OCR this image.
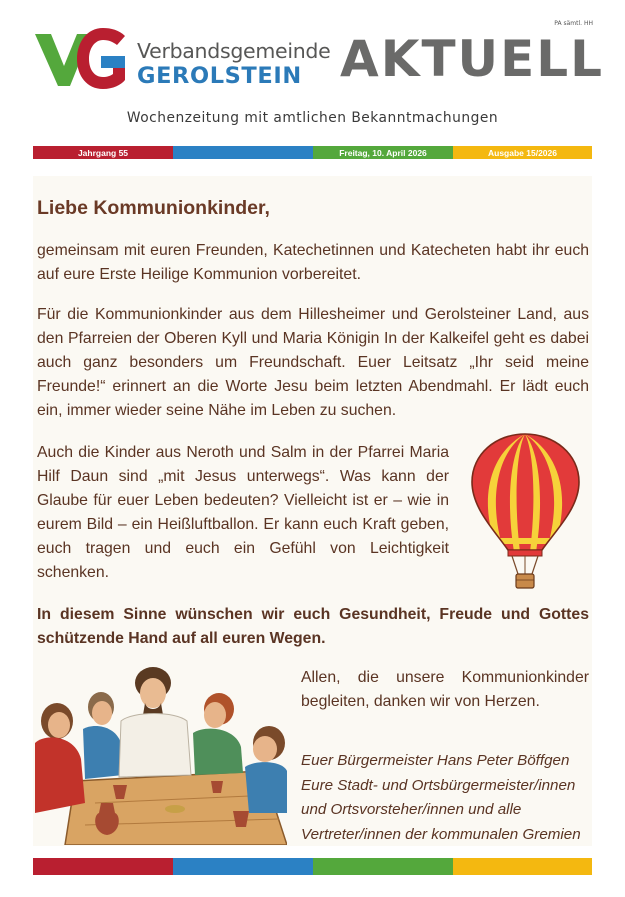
PA sämtl. HH
Verbandsgemeinde
GEROLSTEIN AKTUELL
Wochenzeitung mit amtlichen Bekanntmachungen
Jahrgang 55	Freitag, 10. April 2026	Ausgabe 15/2026
Liebe Kommunionkinder,
gemeinsam mit euren Freunden, Katechetinnen und Katecheten habt ihr euch auf eure Erste Heilige Kommunion vorbereitet.
Für die Kommunionkinder aus dem Hillesheimer und Gerolsteiner Land, aus den Pfarreien der Oberen Kyll und Maria Königin In der Kalkeifel geht es dabei auch ganz besonders um Freundschaft. Euer Leitsatz „Ihr seid meine Freunde!“ erinnert an die Worte Jesu beim letzten Abendmahl. Er lädt euch ein, immer wieder seine Nähe im Leben zu suchen.
Auch die Kinder aus Neroth und Salm in der Pfarrei Maria Hilf Daun sind „mit Jesus unterwegs“. Was kann der Glaube für euer Leben bedeuten? Vielleicht ist er – wie in eurem Bild – ein Heißluftballon. Er kann euch Kraft geben, euch tragen und euch ein Gefühl von Leichtigkeit schenken.
In diesem Sinne wünschen wir euch Gesundheit, Freude und Gottes schützende Hand auf all euren Wegen.
Allen, die unsere Kommunionkinder begleiten, danken wir von Herzen.
Euer Bürgermeister Hans Peter Böffgen
Eure Stadt- und Ortsbürgermeister/innen
und Ortsvorsteher/innen und alle
Vertreter/innen der kommunalen Gremien
